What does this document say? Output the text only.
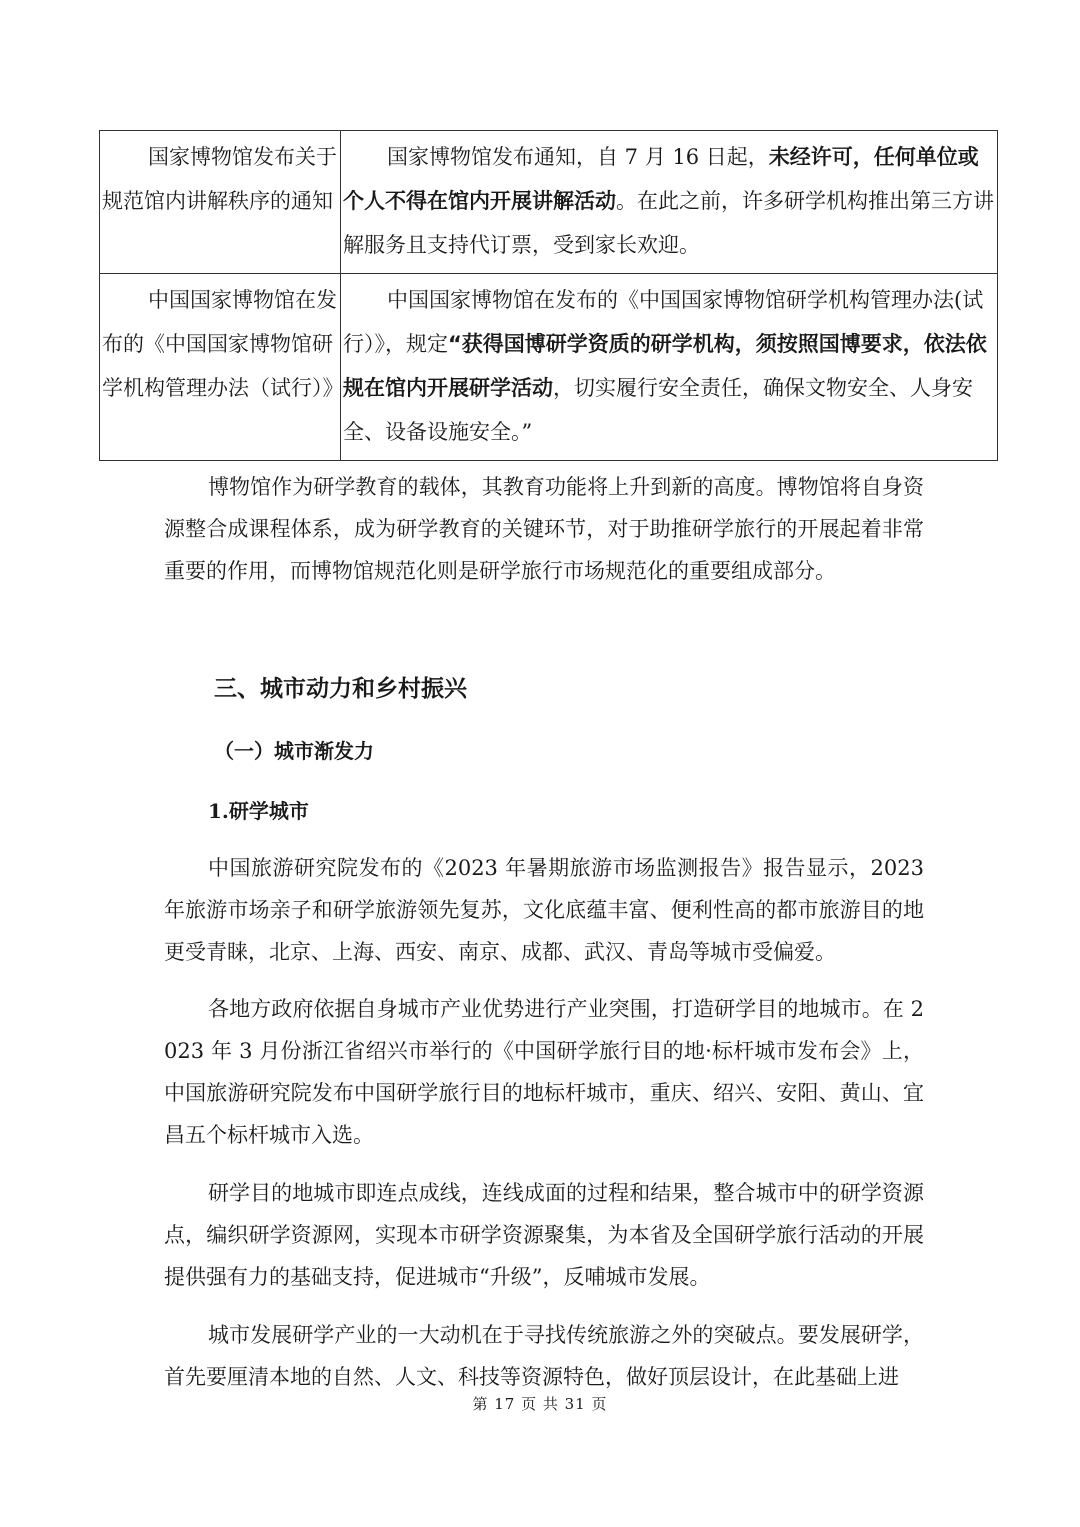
国家博物馆发布关于规范馆内讲解秩序的通知	国家博物馆发布通知，自 7 月 16 日起，未经许可，任何单位或个人不得在馆内开展讲解活动。在此之前，许多研学机构推出第三方讲解服务且支持代订票，受到家长欢迎。
中国国家博物馆在发布的《中国国家博物馆研学机构管理办法（试行）》	中国国家博物馆在发布的《中国国家博物馆研学机构管理办法(试行）》，规定“获得国博研学资质的研学机构，须按照国博要求，依法依规在馆内开展研学活动，切实履行安全责任，确保文物安全、人身安全、设备设施安全。”

博物馆作为研学教育的载体，其教育功能将上升到新的高度。博物馆将自身资源整合成课程体系，成为研学教育的关键环节，对于助推研学旅行的开展起着非常重要的作用，而博物馆规范化则是研学旅行市场规范化的重要组成部分。

三、城市动力和乡村振兴
（一）城市渐发力
1.研学城市

中国旅游研究院发布的《2023 年暑期旅游市场监测报告》报告显示，2023 年旅游市场亲子和研学旅游领先复苏，文化底蕴丰富、便利性高的都市旅游目的地更受青睐，北京、上海、西安、南京、成都、武汉、青岛等城市受偏爱。

各地方政府依据自身城市产业优势进行产业突围，打造研学目的地城市。在 2023 年 3 月份浙江省绍兴市举行的《中国研学旅行目的地·标杆城市发布会》上，中国旅游研究院发布中国研学旅行目的地标杆城市，重庆、绍兴、安阳、黄山、宜昌五个标杆城市入选。

研学目的地城市即连点成线，连线成面的过程和结果，整合城市中的研学资源点，编织研学资源网，实现本市研学资源聚集，为本省及全国研学旅行活动的开展提供强有力的基础支持，促进城市“升级”，反哺城市发展。

城市发展研学产业的一大动机在于寻找传统旅游之外的突破点。要发展研学，首先要厘清本地的自然、人文、科技等资源特色，做好顶层设计，在此基础上进

第 17 页 共 31 页
